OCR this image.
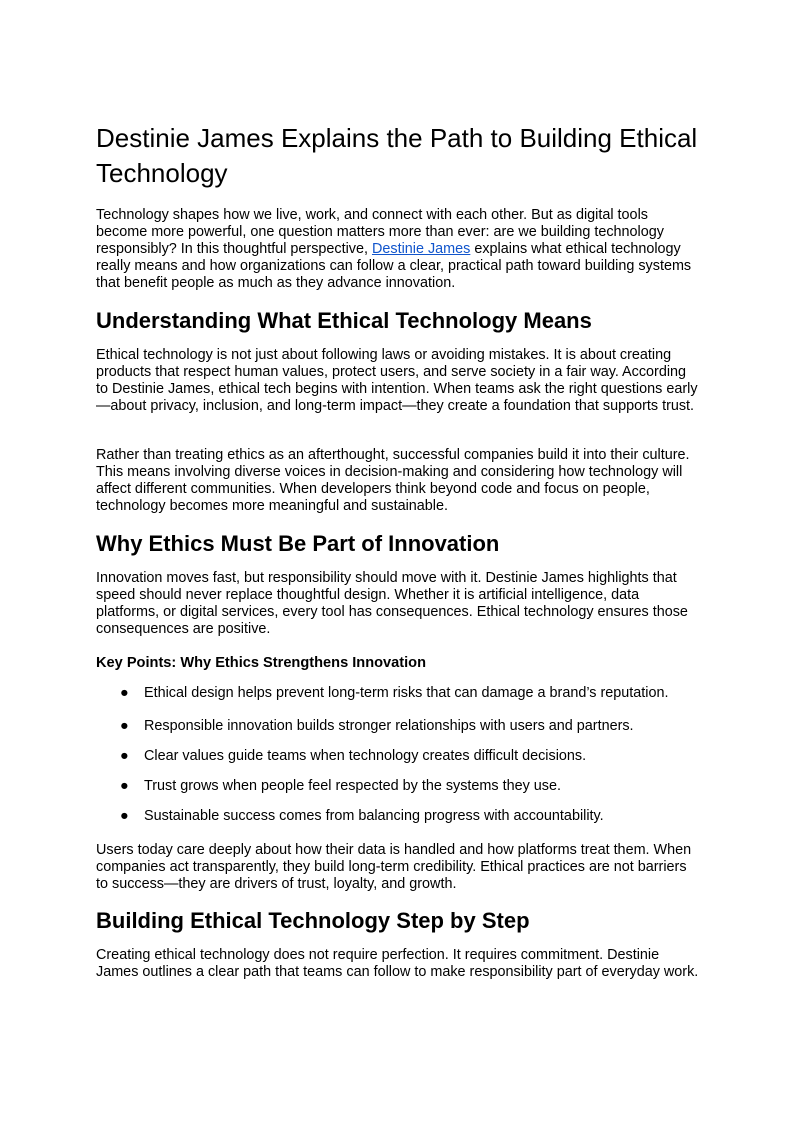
Destinie James Explains the Path to Building Ethical Technology

Technology shapes how we live, work, and connect with each other. But as digital tools become more powerful, one question matters more than ever: are we building technology responsibly? In this thoughtful perspective, Destinie James explains what ethical technology really means and how organizations can follow a clear, practical path toward building systems that benefit people as much as they advance innovation.

Understanding What Ethical Technology Means

Ethical technology is not just about following laws or avoiding mistakes. It is about creating products that respect human values, protect users, and serve society in a fair way. According to Destinie James, ethical tech begins with intention. When teams ask the right questions early—about privacy, inclusion, and long-term impact—they create a foundation that supports trust.

Rather than treating ethics as an afterthought, successful companies build it into their culture. This means involving diverse voices in decision-making and considering how technology will affect different communities. When developers think beyond code and focus on people, technology becomes more meaningful and sustainable.

Why Ethics Must Be Part of Innovation

Innovation moves fast, but responsibility should move with it. Destinie James highlights that speed should never replace thoughtful design. Whether it is artificial intelligence, data platforms, or digital services, every tool has consequences. Ethical technology ensures those consequences are positive.

Key Points: Why Ethics Strengthens Innovation
● Ethical design helps prevent long-term risks that can damage a brand’s reputation.
● Responsible innovation builds stronger relationships with users and partners.
● Clear values guide teams when technology creates difficult decisions.
● Trust grows when people feel respected by the systems they use.
● Sustainable success comes from balancing progress with accountability.

Users today care deeply about how their data is handled and how platforms treat them. When companies act transparently, they build long-term credibility. Ethical practices are not barriers to success—they are drivers of trust, loyalty, and growth.

Building Ethical Technology Step by Step

Creating ethical technology does not require perfection. It requires commitment. Destinie James outlines a clear path that teams can follow to make responsibility part of everyday work.
